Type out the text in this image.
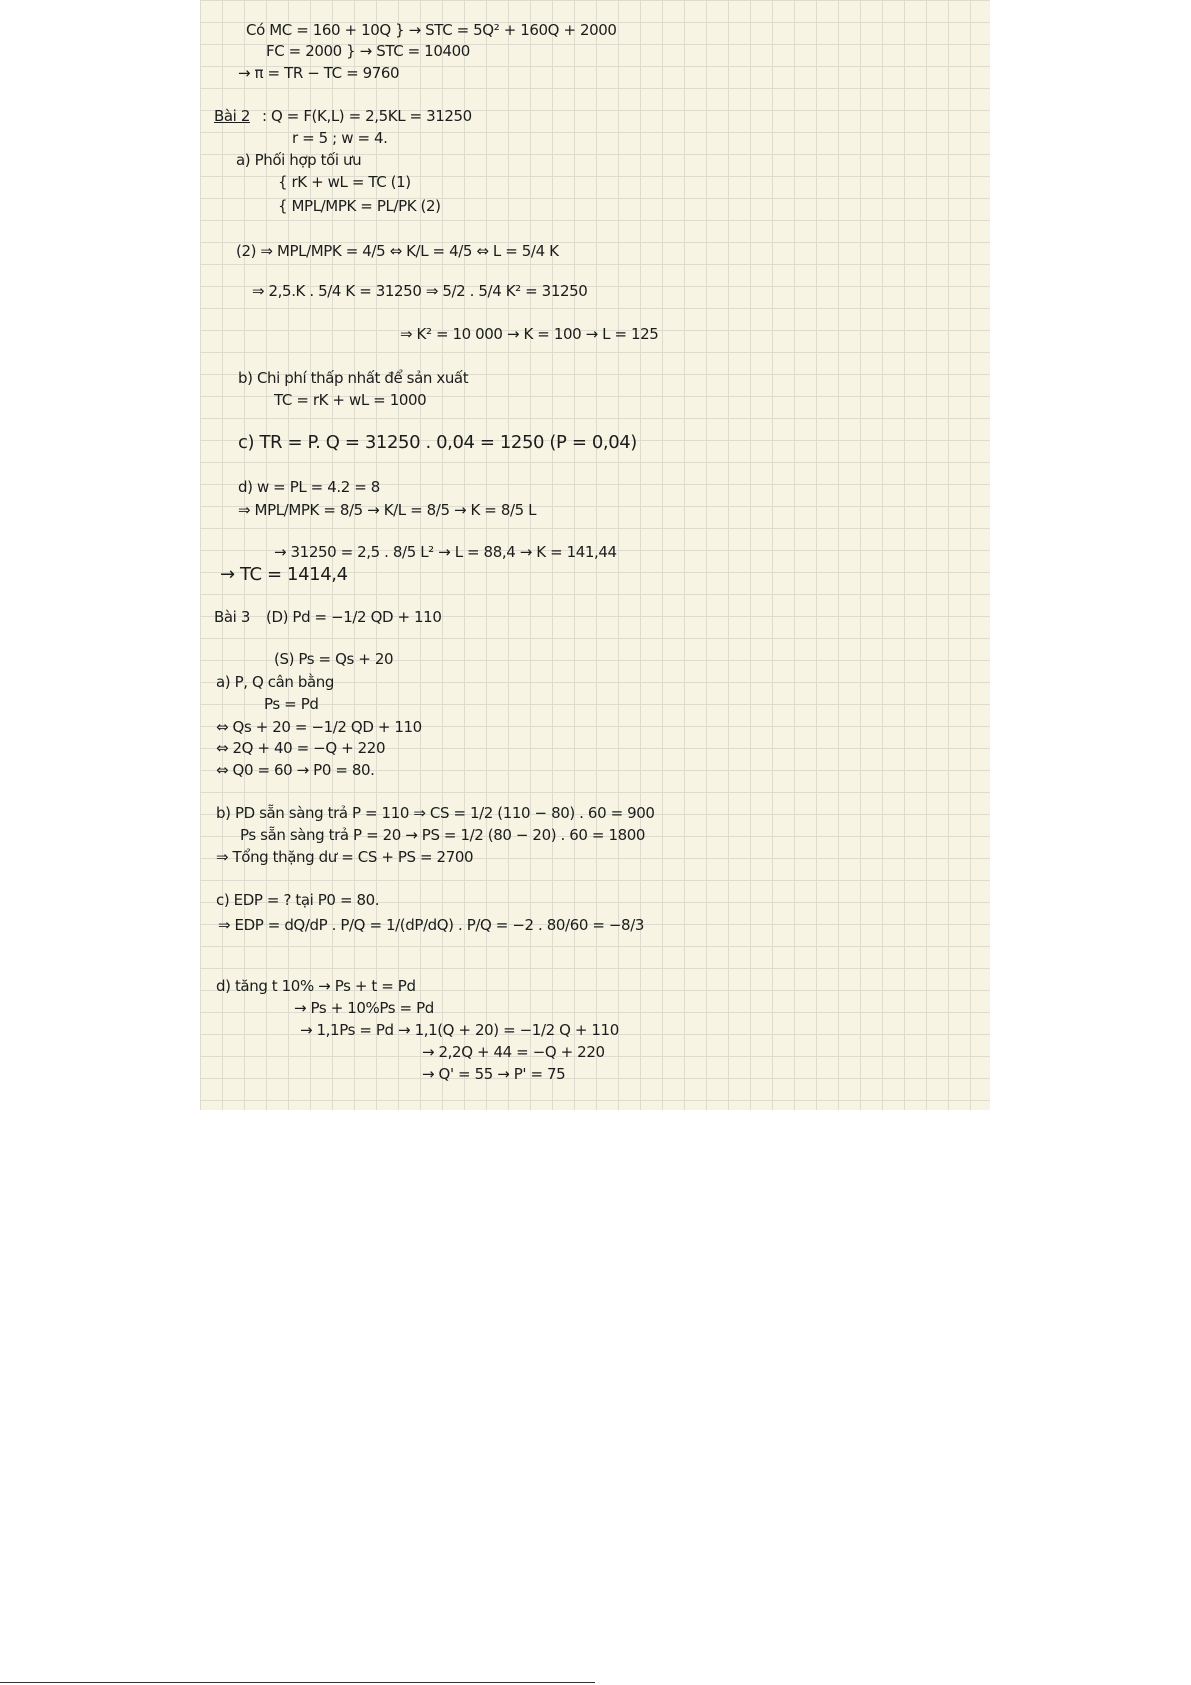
Có MC = 160 + 10Q } → STC = 5Q² + 160Q + 2000
FC = 2000 } → STC = 10400
→ π = TR − TC = 9760
Bài 2 : Q = F(K,L) = 2,5KL = 31250
r = 5 ; w = 4.
a) Phối hợp tối ưu
{ rK + wL = TC (1)
{ MPL/MPK = PL/PK (2)
(2) ⇒ MPL/MPK = 4/5 ⇔ K/L = 4/5 ⇔ L = 5/4 K
⇒ 2,5.K . 5/4 K = 31250 ⇒ 5/2 . 5/4 K² = 31250
⇒ K² = 10 000 → K = 100 → L = 125
b) Chi phí thấp nhất để sản xuất
TC = rK + wL = 1000
c) TR = P. Q = 31250 . 0,04 = 1250 (P = 0,04)
d) w = PL = 4.2 = 8
⇒ MPL/MPK = 8/5 → K/L = 8/5 → K = 8/5 L
→ 31250 = 2,5 . 8/5 L² → L = 88,4 → K = 141,44
→ TC = 1414,4
Bài 3 (D) Pd = −1/2 QD + 110
(S) Ps = Qs + 20
a) P, Q cân bằng
Ps = Pd
⇔ Qs + 20 = −1/2 QD + 110
⇔ 2Q + 40 = −Q + 220
⇔ Q0 = 60 → P0 = 80.
b) PD sẵn sàng trả P = 110 ⇒ CS = 1/2 (110 − 80) . 60 = 900
Ps sẵn sàng trả P = 20 → PS = 1/2 (80 − 20) . 60 = 1800
⇒ Tổng thặng dư = CS + PS = 2700
c) EDP = ? tại P0 = 80.
⇒ EDP = dQ/dP . P/Q = 1/(dP/dQ) . P/Q = −2 . 80/60 = −8/3
d) tăng t 10% → Ps + t = Pd
→ Ps + 10%Ps = Pd
→ 1,1Ps = Pd → 1,1(Q + 20) = −1/2 Q + 110
→ 2,2Q + 44 = −Q + 220
→ Q' = 55 → P' = 75
